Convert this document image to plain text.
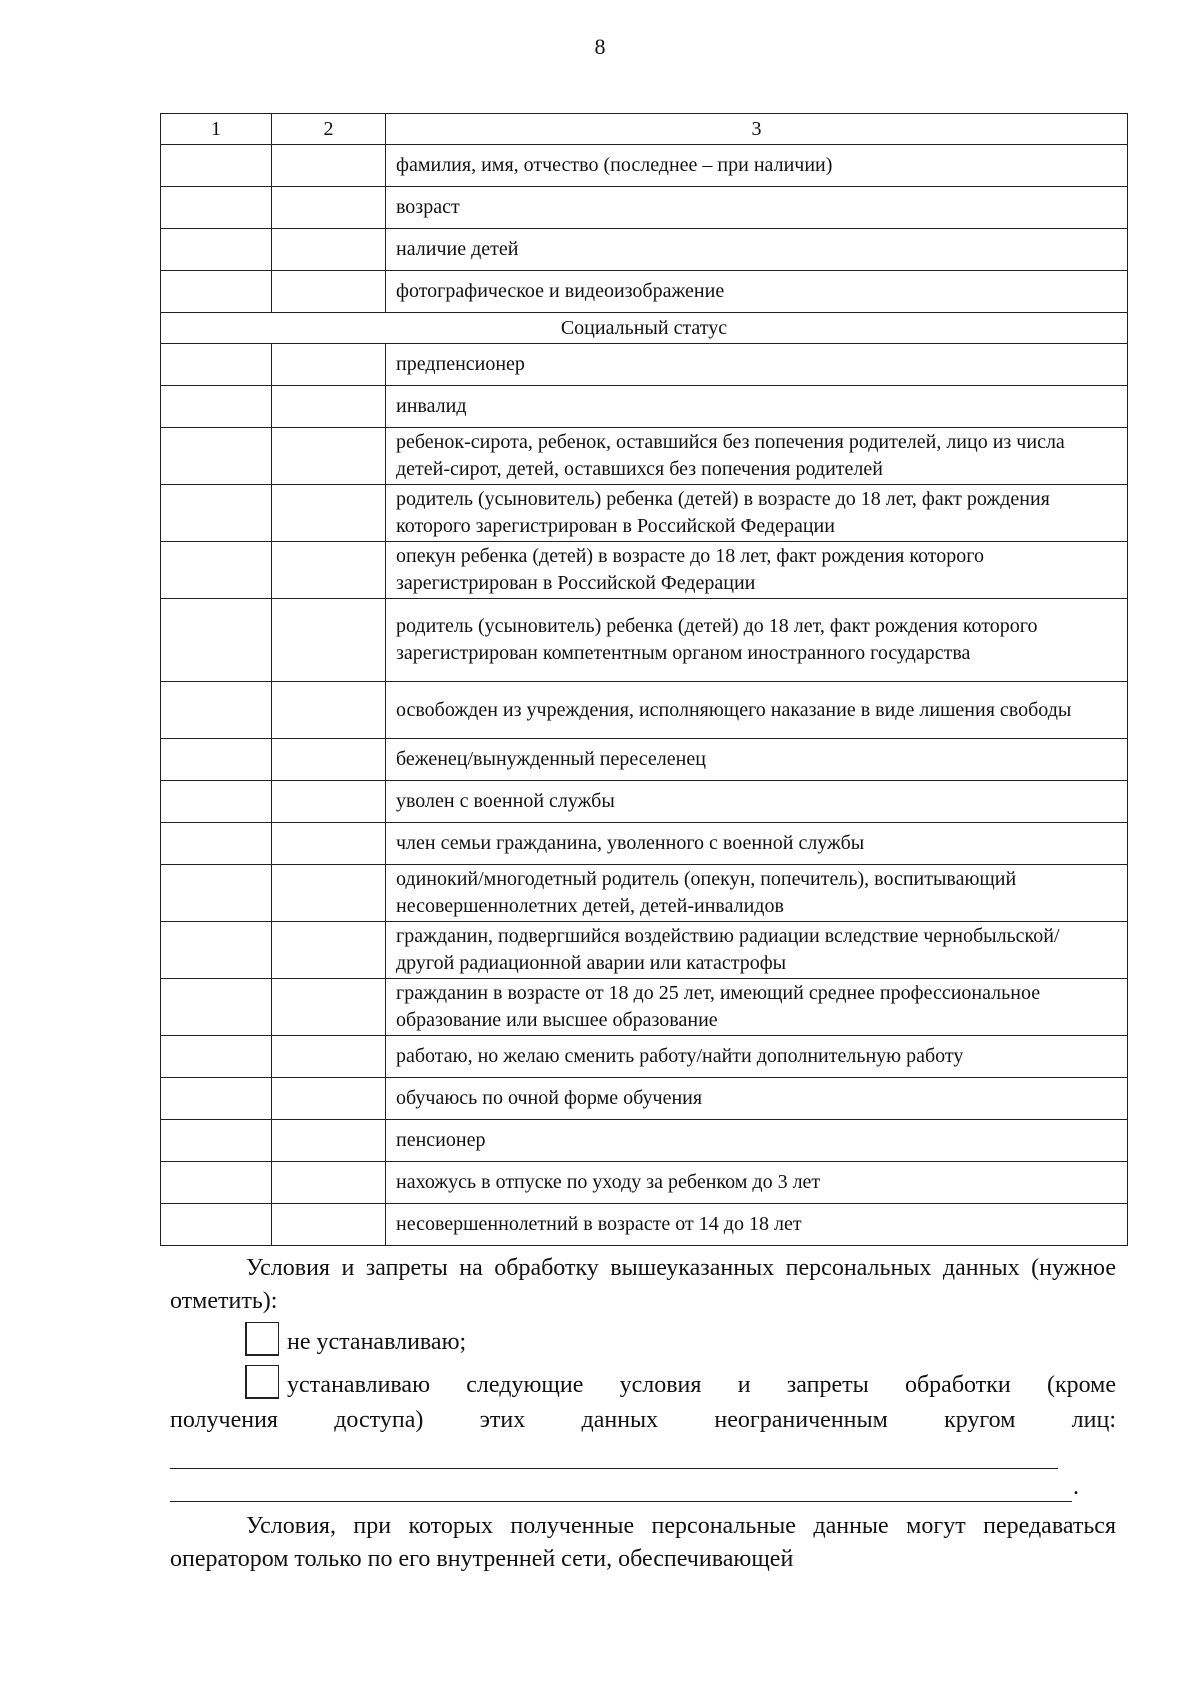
8
1	2	3
		фамилия, имя, отчество (последнее – при наличии)
		возраст
		наличие детей
		фотографическое и видеоизображение
Социальный статус		
		предпенсионер
		инвалид
		ребенок-сирота, ребенок, оставшийся без попечения родителей, лицо из числа детей-сирот, детей, оставшихся без попечения родителей
		родитель (усыновитель) ребенка (детей) в возрасте до 18 лет, факт рождения которого зарегистрирован в Российской Федерации
		опекун ребенка (детей) в возрасте до 18 лет, факт рождения которого зарегистрирован в Российской Федерации
		родитель (усыновитель) ребенка (детей) до 18 лет, факт рождения которого зарегистрирован компетентным органом иностранного государства
		освобожден из учреждения, исполняющего наказание в виде лишения свободы
		беженец/вынужденный переселенец
		уволен с военной службы
		член семьи гражданина, уволенного с военной службы
		одинокий/многодетный родитель (опекун, попечитель), воспитывающий несовершеннолетних детей, детей-инвалидов
		гражданин, подвергшийся воздействию радиации вследствие чернобыльской/другой радиационной аварии или катастрофы
		гражданин в возрасте от 18 до 25 лет, имеющий среднее профессиональное образование или высшее образование
		работаю, но желаю сменить работу/найти дополнительную работу
		обучаюсь по очной форме обучения
		пенсионер
		нахожусь в отпуске по уходу за ребенком до 3 лет
		несовершеннолетний в возрасте от 14 до 18 лет

Условия и запреты на обработку вышеуказанных персональных данных (нужное отметить):

не устанавливаю;
устанавливаю следующие условия и запреты обработки (кроме
получения доступа) этих данных неограниченным кругом лиц:
.

Условия, при которых полученные персональные данные могут передаваться оператором только по его внутренней сети, обеспечивающей
